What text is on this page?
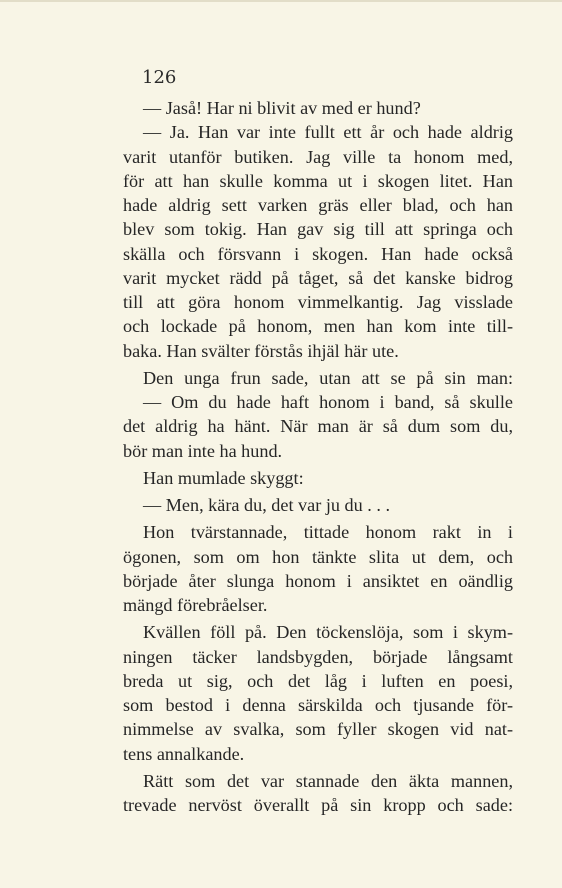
126
— Jaså! Har ni blivit av med er hund?
— Ja. Han var inte fullt ett år och hade aldrig
varit utanför butiken. Jag ville ta honom med,
för att han skulle komma ut i skogen litet. Han
hade aldrig sett varken gräs eller blad, och han
blev som tokig. Han gav sig till att springa och
skälla och försvann i skogen. Han hade också
varit mycket rädd på tåget, så det kanske bidrog
till att göra honom vimmelkantig. Jag visslade
och lockade på honom, men han kom inte till-
baka. Han svälter förstås ihjäl här ute.
Den unga frun sade, utan att se på sin man:
— Om du hade haft honom i band, så skulle
det aldrig ha hänt. När man är så dum som du,
bör man inte ha hund.
Han mumlade skyggt:
— Men, kära du, det var ju du . . .
Hon tvärstannade, tittade honom rakt in i
ögonen, som om hon tänkte slita ut dem, och
började åter slunga honom i ansiktet en oändlig
mängd förebråelser.
Kvällen föll på. Den töckenslöja, som i skym-
ningen täcker landsbygden, började långsamt
breda ut sig, och det låg i luften en poesi,
som bestod i denna särskilda och tjusande för-
nimmelse av svalka, som fyller skogen vid nat-
tens annalkande.
Rätt som det var stannade den äkta mannen,
trevade nervöst överallt på sin kropp och sade:
